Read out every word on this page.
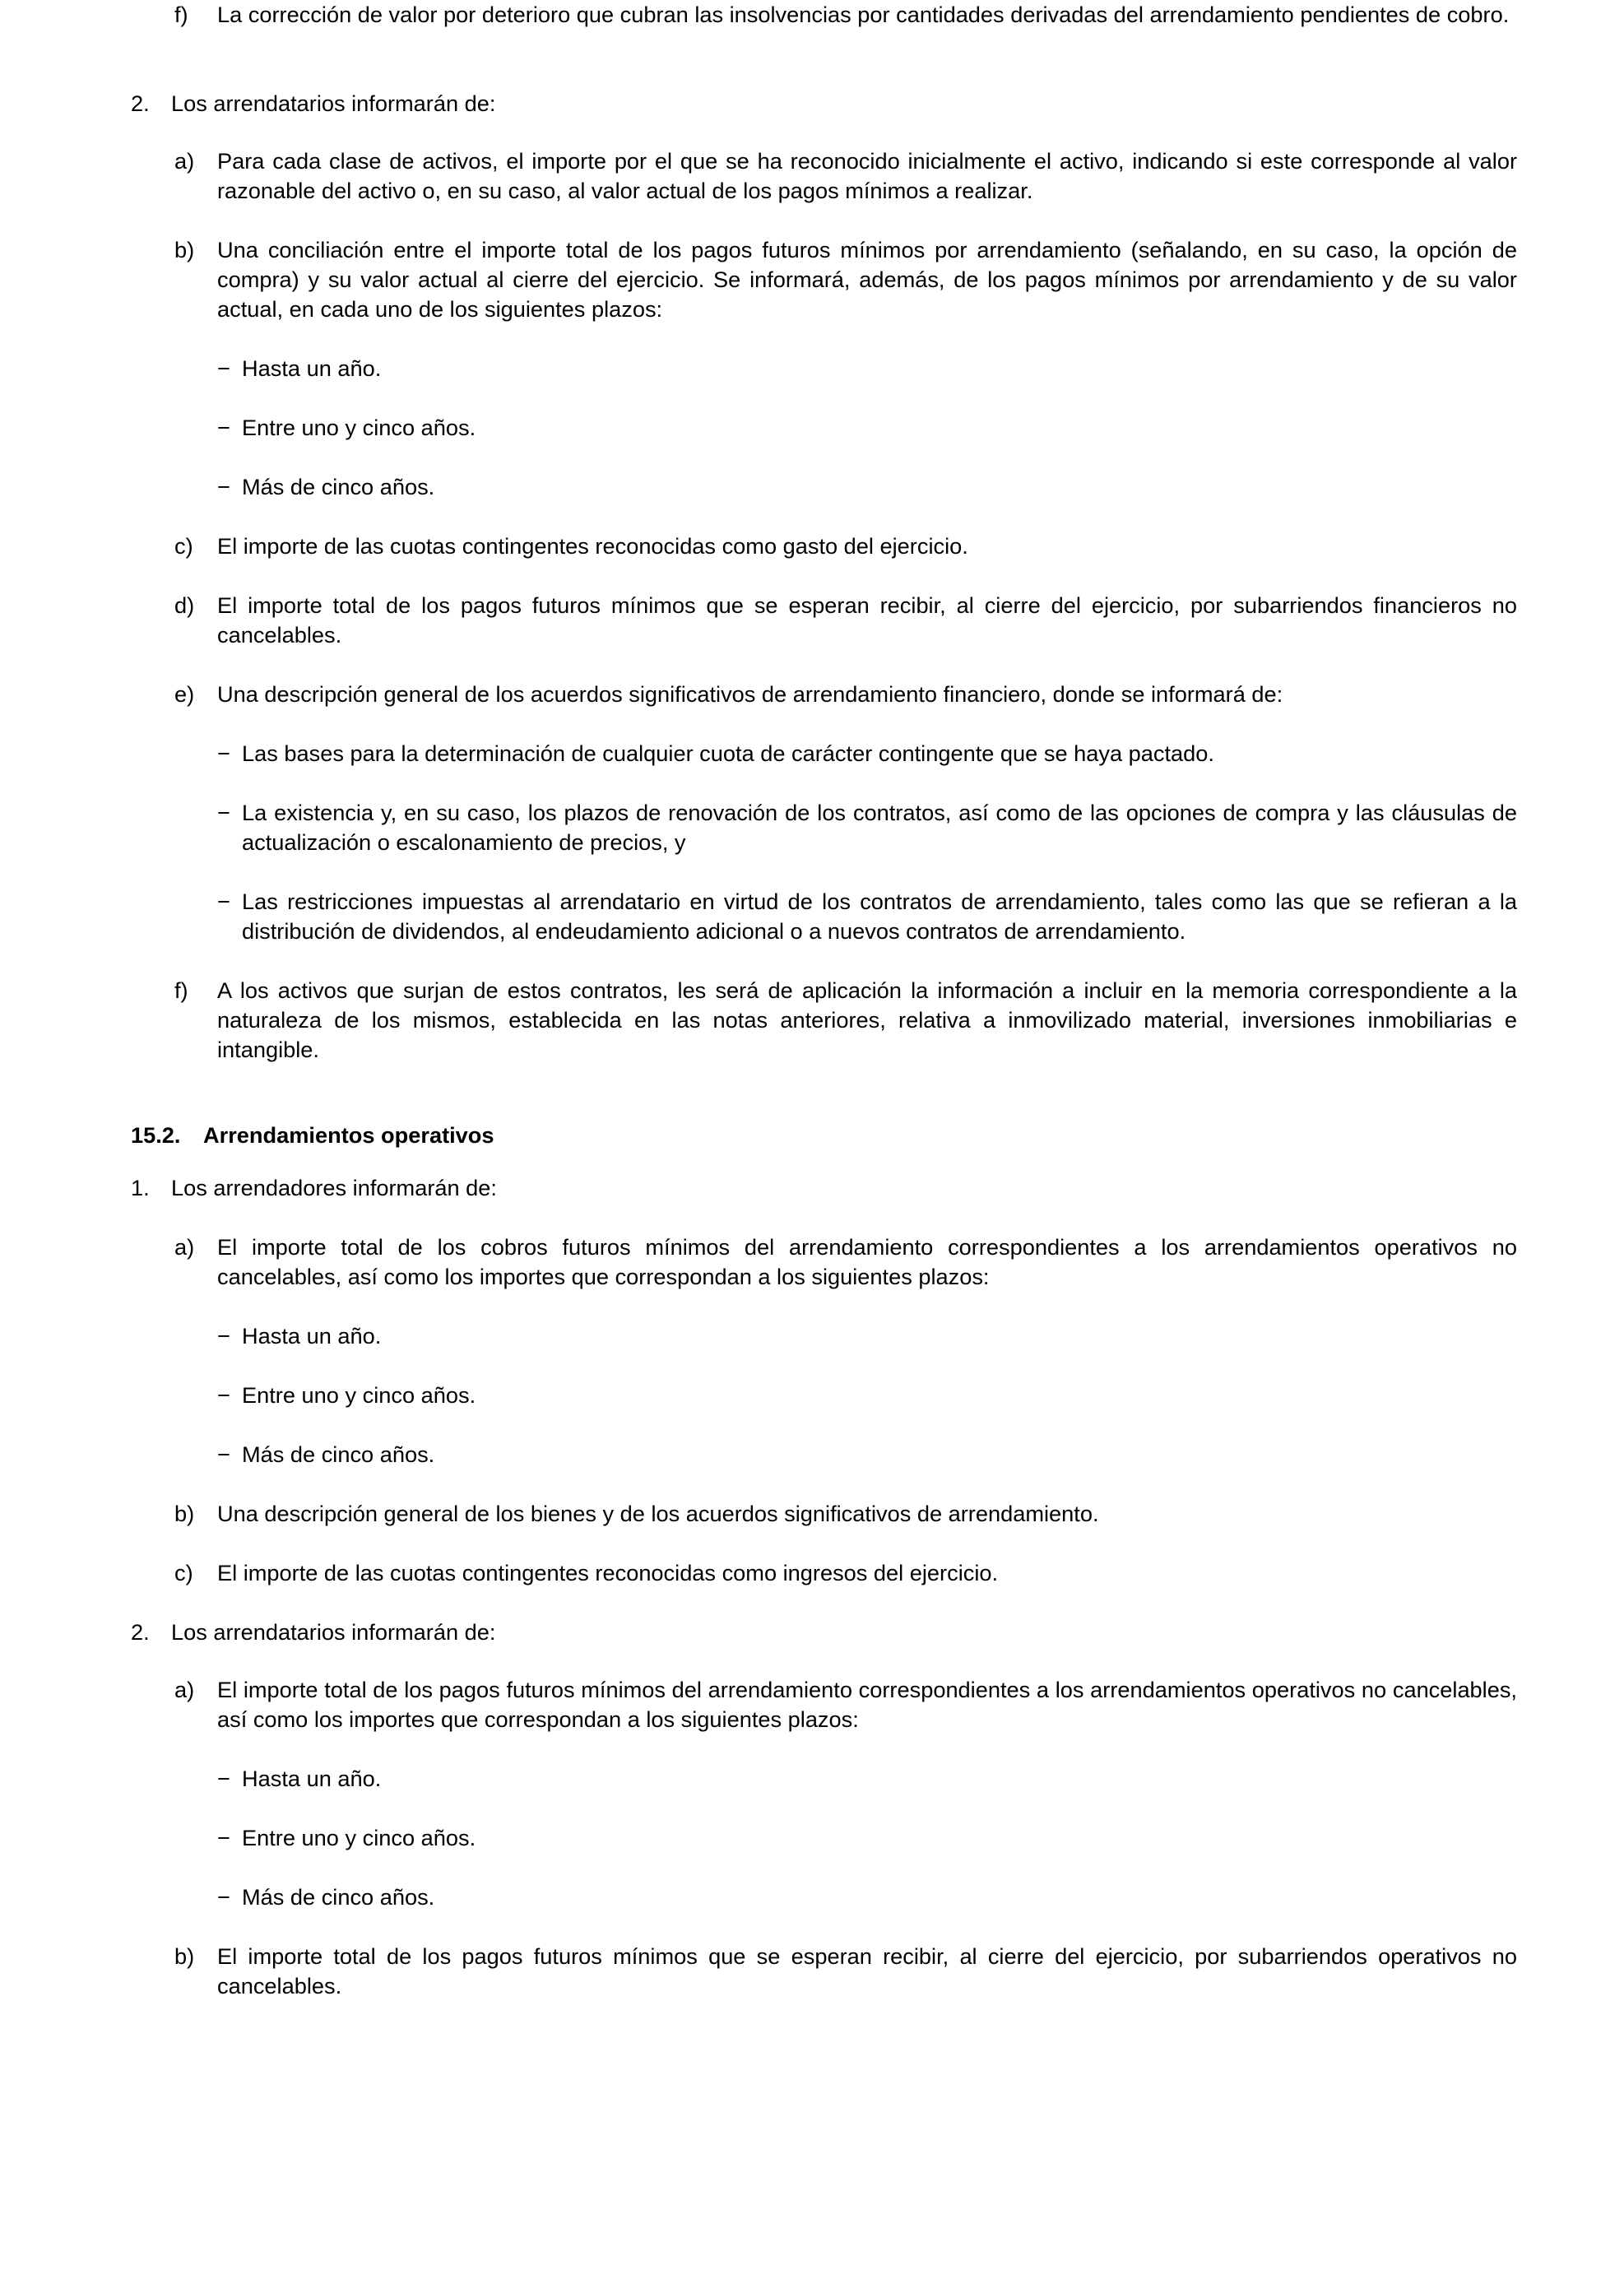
f) La corrección de valor por deterioro que cubran las insolvencias por cantidades derivadas del arrendamiento pendientes de cobro.
2. Los arrendatarios informarán de:
a) Para cada clase de activos, el importe por el que se ha reconocido inicialmente el activo, indicando si este corresponde al valor razonable del activo o, en su caso, al valor actual de los pagos mínimos a realizar.
b) Una conciliación entre el importe total de los pagos futuros mínimos por arrendamiento (señalando, en su caso, la opción de compra) y su valor actual al cierre del ejercicio. Se informará, además, de los pagos mínimos por arrendamiento y de su valor actual, en cada uno de los siguientes plazos:
− Hasta un año.
− Entre uno y cinco años.
− Más de cinco años.
c) El importe de las cuotas contingentes reconocidas como gasto del ejercicio.
d) El importe total de los pagos futuros mínimos que se esperan recibir, al cierre del ejercicio, por subarriendos financieros no cancelables.
e) Una descripción general de los acuerdos significativos de arrendamiento financiero, donde se informará de:
− Las bases para la determinación de cualquier cuota de carácter contingente que se haya pactado.
− La existencia y, en su caso, los plazos de renovación de los contratos, así como de las opciones de compra y las cláusulas de actualización o escalonamiento de precios, y
− Las restricciones impuestas al arrendatario en virtud de los contratos de arrendamiento, tales como las que se refieran a la distribución de dividendos, al endeudamiento adicional o a nuevos contratos de arrendamiento.
f) A los activos que surjan de estos contratos, les será de aplicación la información a incluir en la memoria correspondiente a la naturaleza de los mismos, establecida en las notas anteriores, relativa a inmovilizado material, inversiones inmobiliarias e intangible.
15.2. Arrendamientos operativos
1. Los arrendadores informarán de:
a) El importe total de los cobros futuros mínimos del arrendamiento correspondientes a los arrendamientos operativos no cancelables, así como los importes que correspondan a los siguientes plazos:
− Hasta un año.
− Entre uno y cinco años.
− Más de cinco años.
b) Una descripción general de los bienes y de los acuerdos significativos de arrendamiento.
c) El importe de las cuotas contingentes reconocidas como ingresos del ejercicio.
2. Los arrendatarios informarán de:
a) El importe total de los pagos futuros mínimos del arrendamiento correspondientes a los arrendamientos operativos no cancelables, así como los importes que correspondan a los siguientes plazos:
− Hasta un año.
− Entre uno y cinco años.
− Más de cinco años.
b) El importe total de los pagos futuros mínimos que se esperan recibir, al cierre del ejercicio, por subarriendos operativos no cancelables.
